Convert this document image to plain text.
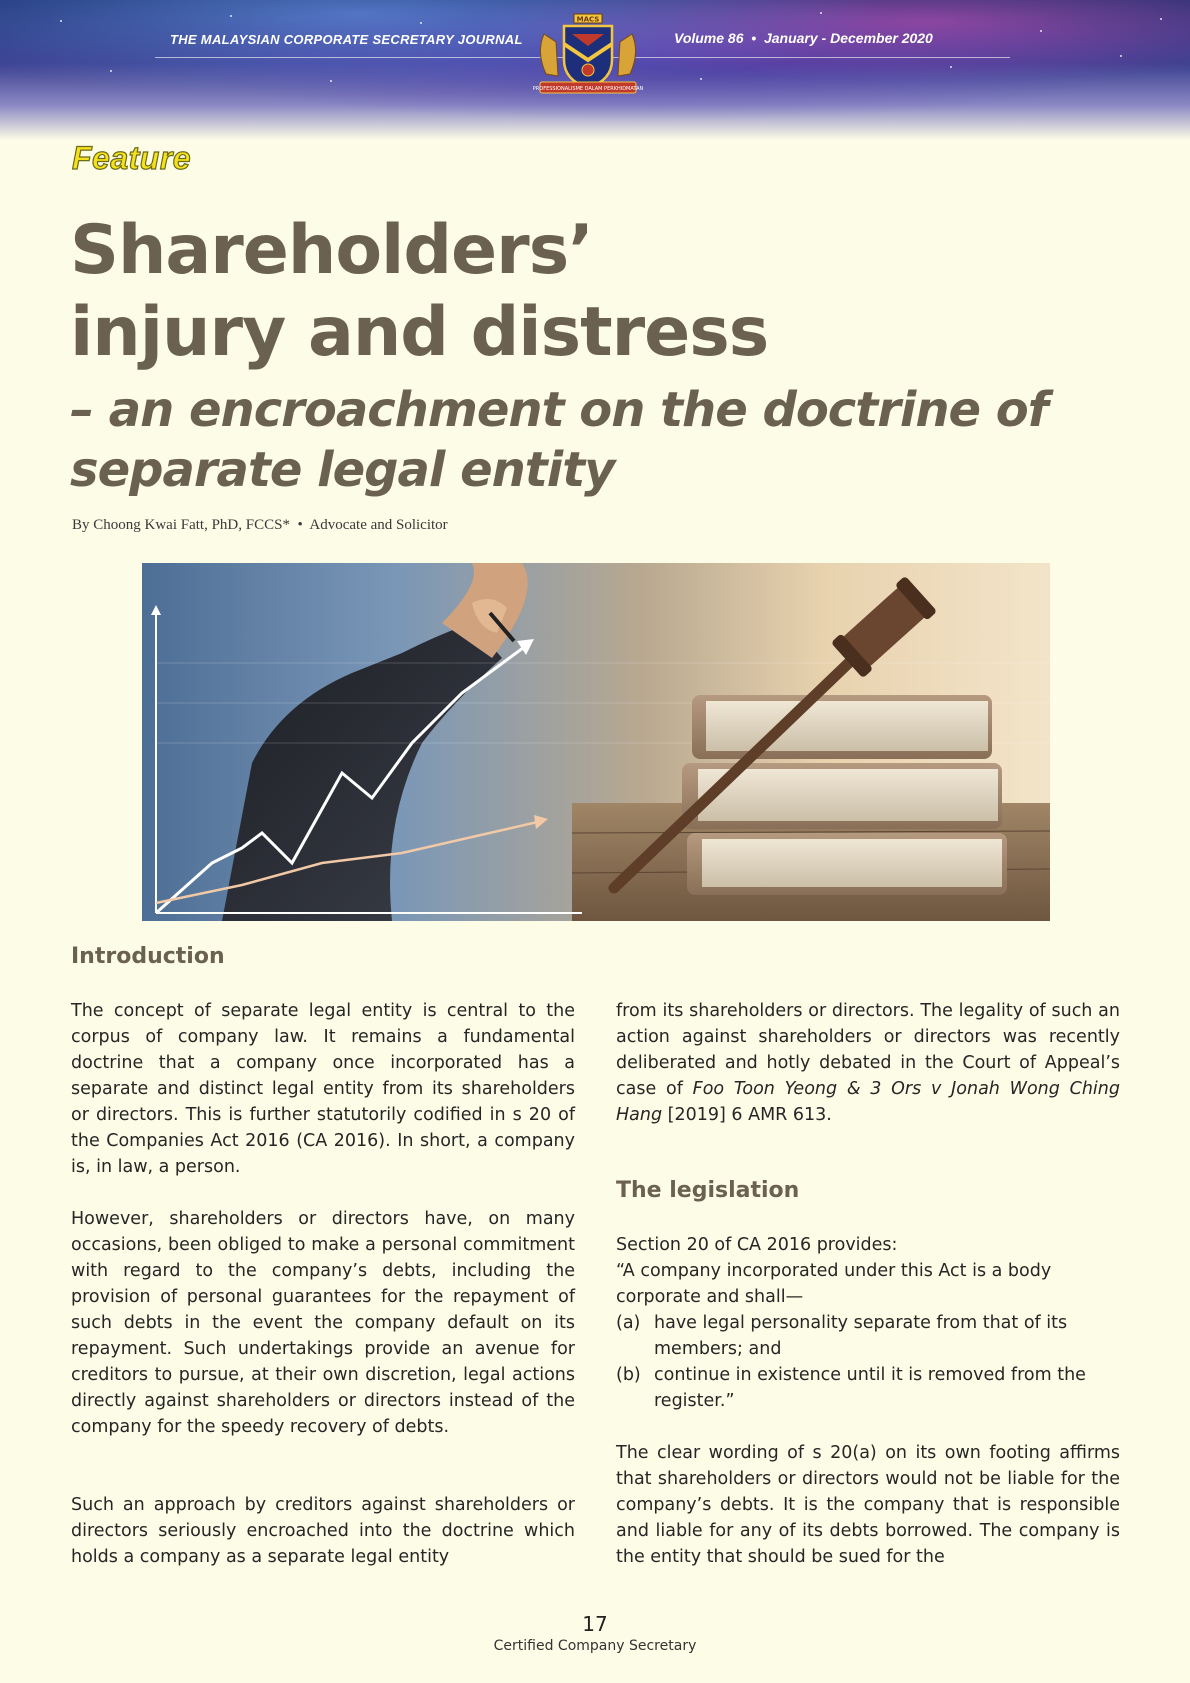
THE MALAYSIAN CORPORATE SECRETARY JOURNAL
MACS
PROFESSIONALISME DALAM PERKHIDMATAN
Volume 86  •  January - December 2020
Feature
Shareholders’
injury and distress
– an encroachment on the doctrine of
separate legal entity
By Choong Kwai Fatt, PhD, FCCS*  •  Advocate and Solicitor
Introduction

The concept of separate legal entity is central to the corpus of company law. It remains a fundamental doctrine that a company once incorporated has a separate and distinct legal entity from its shareholders or directors. This is further statutorily codified in s 20 of the Companies Act 2016 (CA 2016). In short, a company is, in law, a person.

However, shareholders or directors have, on many occasions, been obliged to make a personal commitment with regard to the company’s debts, including the provision of personal guarantees for the repayment of such debts in the event the company default on its repayment. Such undertakings provide an avenue for creditors to pursue, at their own discretion, legal actions directly against shareholders or directors instead of the company for the speedy recovery of debts.

Such an approach by creditors against shareholders or directors seriously encroached into the doctrine which holds a company as a separate legal entity

from its shareholders or directors. The legality of such an action against shareholders or directors was recently deliberated and hotly debated in the Court of Appeal’s case of Foo Toon Yeong & 3 Ors v Jonah Wong Ching Hang [2019] 6 AMR 613.

The legislation

Section 20 of CA 2016 provides:

“A company incorporated under this Act is a body corporate and shall—

(a) have legal personality separate from that of its members; and

(b) continue in existence until it is removed from the register.”

The clear wording of s 20(a) on its own footing affirms that shareholders or directors would not be liable for the company’s debts. It is the company that is responsible and liable for any of its debts borrowed. The company is the entity that should be sued for the

17
Certified Company Secretary
